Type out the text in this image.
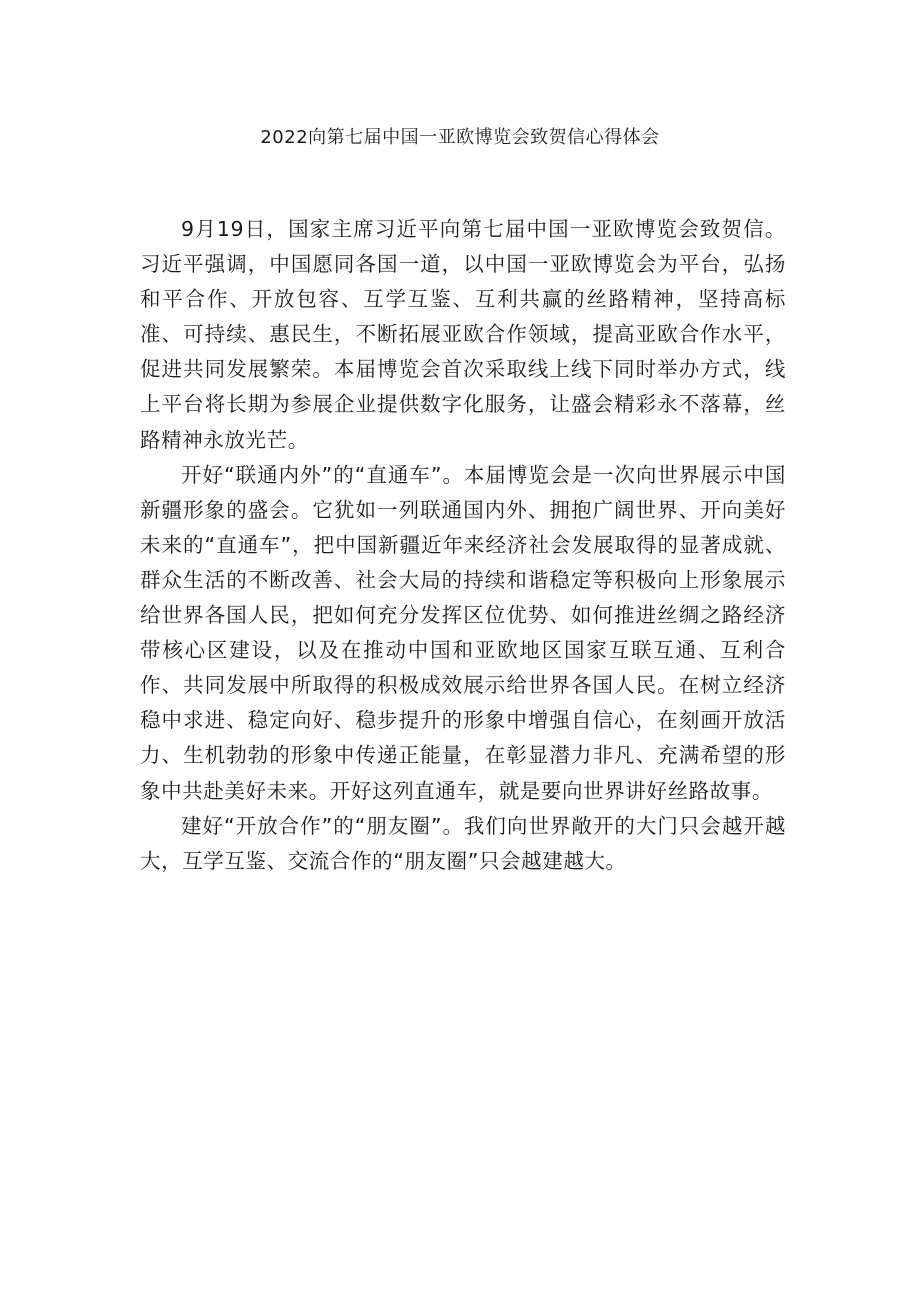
2022向第七届中国一亚欧博览会致贺信心得体会

9月19日，国家主席习近平向第七届中国一亚欧博览会致贺信。习近平强调，中国愿同各国一道，以中国一亚欧博览会为平台，弘扬和平合作、开放包容、互学互鉴、互利共赢的丝路精神，坚持高标准、可持续、惠民生，不断拓展亚欧合作领域，提高亚欧合作水平，促进共同发展繁荣。本届博览会首次采取线上线下同时举办方式，线上平台将长期为参展企业提供数字化服务，让盛会精彩永不落幕，丝路精神永放光芒。

开好“联通内外”的“直通车”。本届博览会是一次向世界展示中国新疆形象的盛会。它犹如一列联通国内外、拥抱广阔世界、开向美好未来的“直通车”，把中国新疆近年来经济社会发展取得的显著成就、群众生活的不断改善、社会大局的持续和谐稳定等积极向上形象展示给世界各国人民，把如何充分发挥区位优势、如何推进丝绸之路经济带核心区建设，以及在推动中国和亚欧地区国家互联互通、互利合作、共同发展中所取得的积极成效展示给世界各国人民。在树立经济稳中求进、稳定向好、稳步提升的形象中增强自信心，在刻画开放活力、生机勃勃的形象中传递正能量，在彰显潜力非凡、充满希望的形象中共赴美好未来。开好这列直通车，就是要向世界讲好丝路故事。

建好“开放合作”的“朋友圈”。我们向世界敞开的大门只会越开越大，互学互鉴、交流合作的“朋友圈”只会越建越大。
